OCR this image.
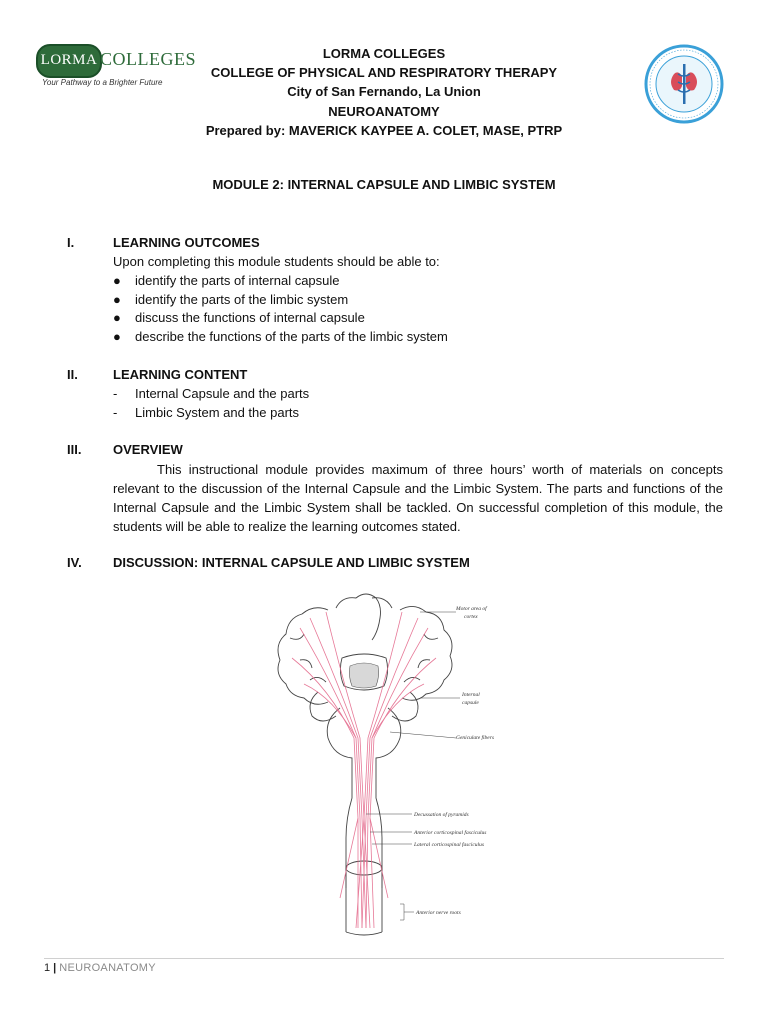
LORMA COLLEGES
Your Pathway to a Brighter Future
LORMA COLLEGES
COLLEGE OF PHYSICAL AND RESPIRATORY THERAPY
City of San Fernando, La Union
NEUROANATOMY
Prepared by: MAVERICK KAYPEE A. COLET, MASE, PTRP
MODULE 2: INTERNAL CAPSULE AND LIMBIC SYSTEM
I.	LEARNING OUTCOMES
Upon completing this module students should be able to:
● identify the parts of internal capsule
● identify the parts of the limbic system
● discuss the functions of internal capsule
● describe the functions of the parts of the limbic system
II.	LEARNING CONTENT
- Internal Capsule and the parts
- Limbic System and the parts
III. OVERVIEW
This instructional module provides maximum of three hours’ worth of materials on concepts relevant to the discussion of the Internal Capsule and the Limbic System. The parts and functions of the Internal Capsule and the Limbic System shall be tackled. On successful completion of this module, the students will be able to realize the learning outcomes stated.
IV. DISCUSSION: INTERNAL CAPSULE AND LIMBIC SYSTEM
Motor area of
cortex
Internal
capsule
Geniculate fibers
Decussation of pyramids
Anterior corticospinal fasciculus
Lateral corticospinal fasciculus
Anterior nerve roots
1 | NEUROANATOMY
